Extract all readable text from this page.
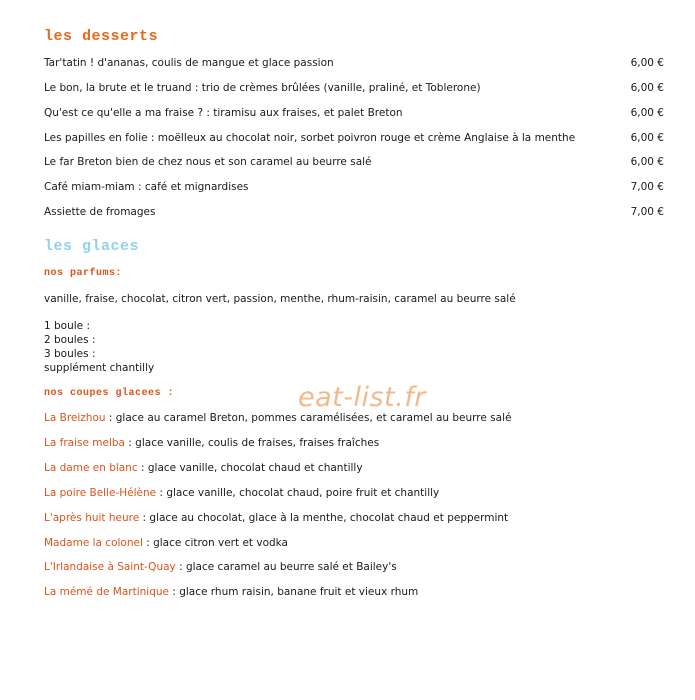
les desserts
Tar'tatin ! d'ananas, coulis de mangue et glace passion	6,00 €
Le bon, la brute et le truand : trio de crèmes brûlées (vanille, praliné, et Toblerone)	6,00 €
Qu'est ce qu'elle a ma fraise ? : tiramisu aux fraises, et palet Breton	6,00 €
Les papilles en folie : moëlleux au chocolat noir, sorbet poivron rouge et crème Anglaise à la menthe	6,00 €
Le far Breton bien de chez nous et son caramel au beurre salé	6,00 €
Café miam-miam : café et mignardises	7,00 €
Assiette de fromages	7,00 €
les glaces
nos parfums:
vanille, fraise, chocolat, citron vert, passion, menthe, rhum-raisin, caramel au beurre salé
1 boule :
2 boules :
3 boules :
supplément chantilly
nos coupes glacees :
La Breizhou : glace au caramel Breton, pommes caramélisées, et caramel au beurre salé
La fraise melba : glace vanille, coulis de fraises, fraises fraîches
La dame en blanc : glace vanille, chocolat chaud et chantilly
La poire Belle-Hélène : glace vanille, chocolat chaud, poire fruit et chantilly
L'après huit heure : glace au chocolat, glace à la menthe, chocolat chaud et peppermint
Madame la colonel : glace citron vert et vodka
L'Irlandaise à Saint-Quay : glace caramel au beurre salé et Bailey's
La mémé de Martinique : glace rhum raisin, banane fruit et vieux rhum
eat-list.fr
